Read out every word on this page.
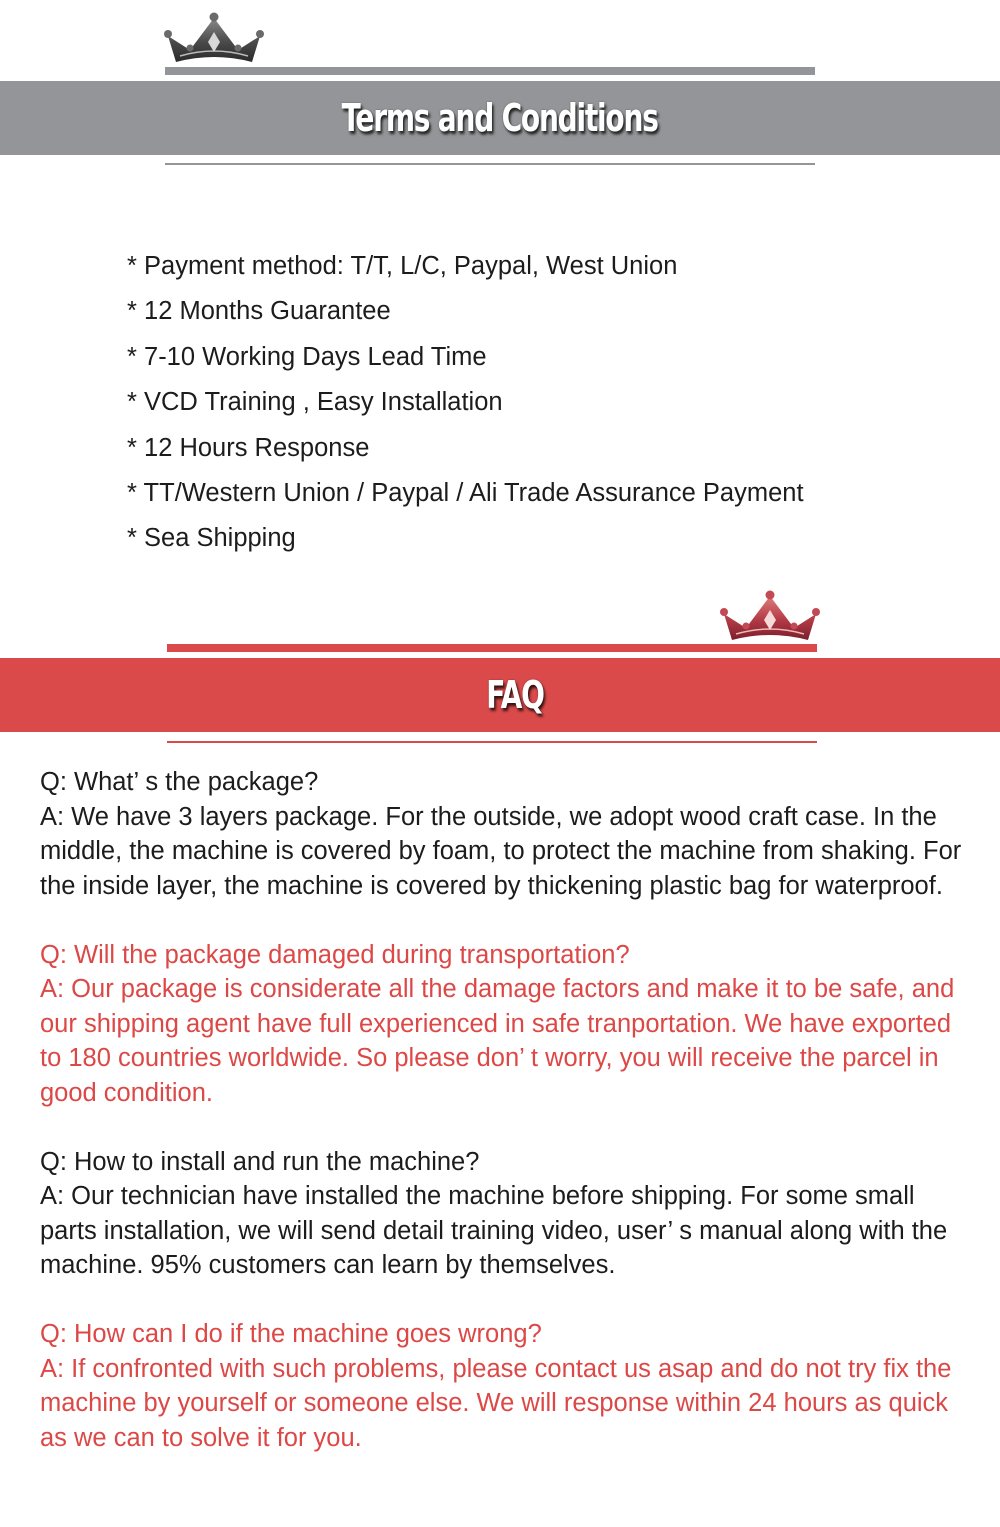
Terms and Conditions
* Payment method: T/T, L/C, Paypal, West Union
* 12 Months Guarantee
* 7-10 Working Days Lead Time
* VCD Training , Easy Installation
* 12 Hours Response
* TT/Western Union / Paypal / Ali Trade Assurance Payment
* Sea Shipping
FAQ

Q: What’ s the package?

A: We have 3 layers package. For the outside, we adopt wood craft case. In the middle, the machine is covered by foam, to protect the machine from shaking. For the inside layer, the machine is covered by thickening plastic bag for waterproof.

Q: Will the package damaged during transportation?

A: Our package is considerate all the damage factors and make it to be safe, and our shipping agent have full experienced in safe tranportation. We have exported to 180 countries worldwide. So please don’ t worry, you will receive the parcel in good condition.

Q: How to install and run the machine?

A: Our technician have installed the machine before shipping. For some small parts installation, we will send detail training video, user’ s manual along with the machine. 95% customers can learn by themselves.

Q: How can I do if the machine goes wrong?

A: If confronted with such problems, please contact us asap and do not try fix the machine by yourself or someone else. We will response within 24 hours as quick as we can to solve it for you.
